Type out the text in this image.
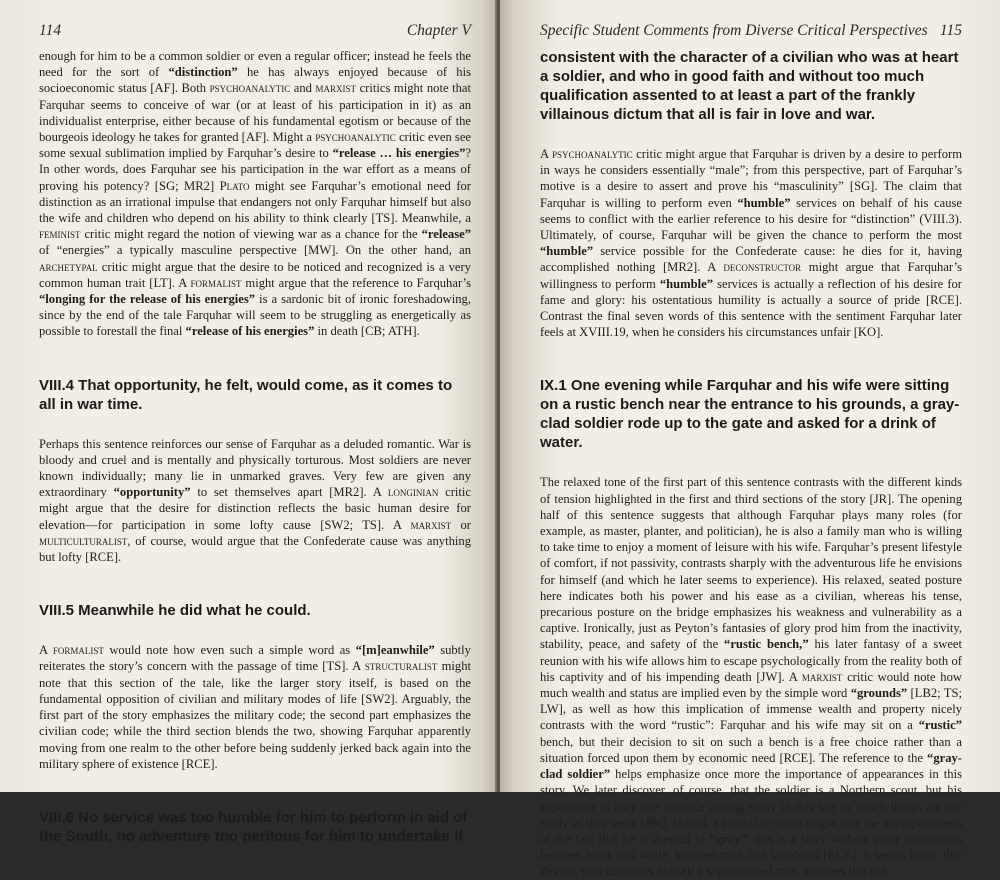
114	Chapter V

enough for him to be a common soldier or even a regular officer; instead he feels the need for the sort of “distinction” he has always enjoyed because of his socioeconomic status [AF]. Both psychoanalytic and marxist critics might note that Farquhar seems to conceive of war (or at least of his participation in it) as an individualist enterprise, either because of his fundamental egotism or because of the bourgeois ideology he takes for granted [AF]. Might a psychoanalytic critic even see some sexual sublimation implied by Farquhar’s desire to “release … his energies”? In other words, does Farquhar see his participation in the war effort as a means of proving his potency? [SG; MR2] Plato might see Farquhar’s emotional need for distinction as an irrational impulse that endangers not only Farquhar himself but also the wife and children who depend on his ability to think clearly [TS]. Meanwhile, a feminist critic might regard the notion of viewing war as a chance for the “release” of “energies” a typically masculine perspective [MW]. On the other hand, an archetypal critic might argue that the desire to be noticed and recognized is a very common human trait [LT]. A formalist might argue that the reference to Farquhar’s “longing for the release of his energies” is a sardonic bit of ironic foreshadowing, since by the end of the tale Farquhar will seem to be struggling as energetically as possible to forestall the final “release of his energies” in death [CB; ATH].

VIII.4 That opportunity, he felt, would come, as it comes to all in war time.

Perhaps this sentence reinforces our sense of Farquhar as a deluded romantic. War is bloody and cruel and is mentally and physically torturous. Most soldiers are never known individually; many lie in unmarked graves. Very few are given any extraordinary “opportunity” to set themselves apart [MR2]. A longinian critic might argue that the desire for distinction reflects the basic human desire for elevation—for participation in some lofty cause [SW2; TS]. A marxist or multiculturalist, of course, would argue that the Confederate cause was anything but lofty [RCE].

VIII.5 Meanwhile he did what he could.

A formalist would note how even such a simple word as “[m]eanwhile” subtly reiterates the story’s concern with the passage of time [TS]. A structuralist might note that this section of the tale, like the larger story itself, is based on the fundamental opposition of civilian and military modes of life [SW2]. Arguably, the first part of the story emphasizes the military code; the second part emphasizes the civilian code; while the third section blends the two, showing Farquhar apparently moving from one realm to the other before being suddenly jerked back again into the military sphere of existence [RCE].

VIII.6 No service was too humble for him to perform in aid of the South, no adventure too perilous for him to undertake if
Specific Student Comments from Diverse Critical Perspectives 115
consistent with the character of a civilian who was at heart a soldier, and who in good faith and without too much qualification assented to at least a part of the frankly villainous dictum that all is fair in love and war.

A psychoanalytic critic might argue that Farquhar is driven by a desire to perform in ways he considers essentially “male”; from this perspective, part of Farquhar’s motive is a desire to assert and prove his “masculinity” [SG]. The claim that Farquhar is willing to perform even “humble” services on behalf of his cause seems to conflict with the earlier reference to his desire for “distinction” (VIII.3). Ultimately, of course, Farquhar will be given the chance to perform the most “humble” service possible for the Confederate cause: he dies for it, having accomplished nothing [MR2]. A deconstructor might argue that Farquhar’s willingness to perform “humble” services is actually a reflection of his desire for fame and glory: his ostentatious humility is actually a source of pride [RCE]. Contrast the final seven words of this sentence with the sentiment Farquhar later feels at XVIII.19, when he considers his circumstances unfair [KO].

IX.1 One evening while Farquhar and his wife were sitting on a rustic bench near the entrance to his grounds, a gray-clad soldier rode up to the gate and asked for a drink of water.

The relaxed tone of the first part of this sentence contrasts with the different kinds of tension highlighted in the first and third sections of the story [JR]. The opening half of this sentence suggests that although Farquhar plays many roles (for example, as master, planter, and politician), he is also a family man who is willing to take time to enjoy a moment of leisure with his wife. Farquhar’s present lifestyle of comfort, if not passivity, contrasts sharply with the adventurous life he envisions for himself (and which he later seems to experience). His relaxed, seated posture here indicates both his power and his ease as a civilian, whereas his tense, precarious posture on the bridge emphasizes his weakness and vulnerability as a captive. Ironically, just as Peyton’s fantasies of glory prod him from the inactivity, stability, peace, and safety of the “rustic bench,” his later fantasy of a sweet reunion with his wife allows him to escape psychologically from the reality both of his captivity and of his impending death [JW]. A marxist critic would note how much wealth and status are implied even by the simple word “grounds” [LB2; TS; LW], as well as how this implication of immense wealth and property nicely contrasts with the word “rustic”: Farquhar and his wife may sit on a “rustic” bench, but their decision to sit on such a bench is a free choice rather than a situation forced upon them by economic need [RCE]. The reference to the “gray-clad soldier” helps emphasize once more the importance of appearances in this story. We later discover, of course, that the soldier is a Northern scout, but his appearance is only one instance among many in this tale in which things are not really as they seem [JW]. Indeed, a formalist critic might note the appropriateness of the fact that he is dressed in “gray”: this is a story without clear distinctions between black and white, between truth and falsehood [RCE]. It seems ironic that Peyton, who considers himself a sophisticated man, assumes that the
